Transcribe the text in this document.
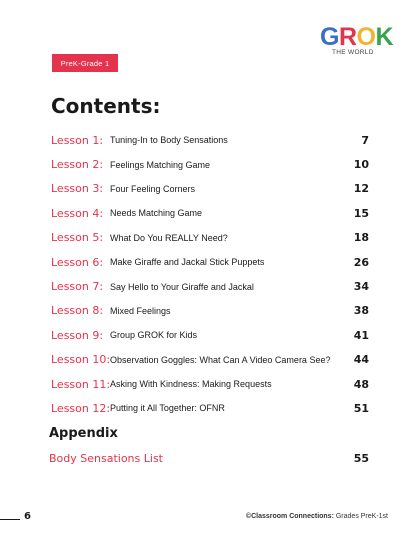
G R O K
THE WORLD
PreK-Grade 1
Contents:
Lesson 1: Tuning-In to Body Sensations	7
Lesson 2: Feelings Matching Game	10
Lesson 3: Four Feeling Corners	12
Lesson 4: Needs Matching Game	15
Lesson 5: What Do You REALLY Need?	18
Lesson 6: Make Giraffe and Jackal Stick Puppets	26
Lesson 7: Say Hello to Your Giraffe and Jackal	34
Lesson 8: Mixed Feelings	38
Lesson 9: Group GROK for Kids	41
Lesson 10: Observation Goggles: What Can A Video Camera See? 44
Lesson 11: Asking With Kindness: Making Requests	48
Lesson 12: Putting it All Together: OFNR	51
Appendix
Body Sensations List	55
6	©Classroom Connections: Grades PreK-1st
